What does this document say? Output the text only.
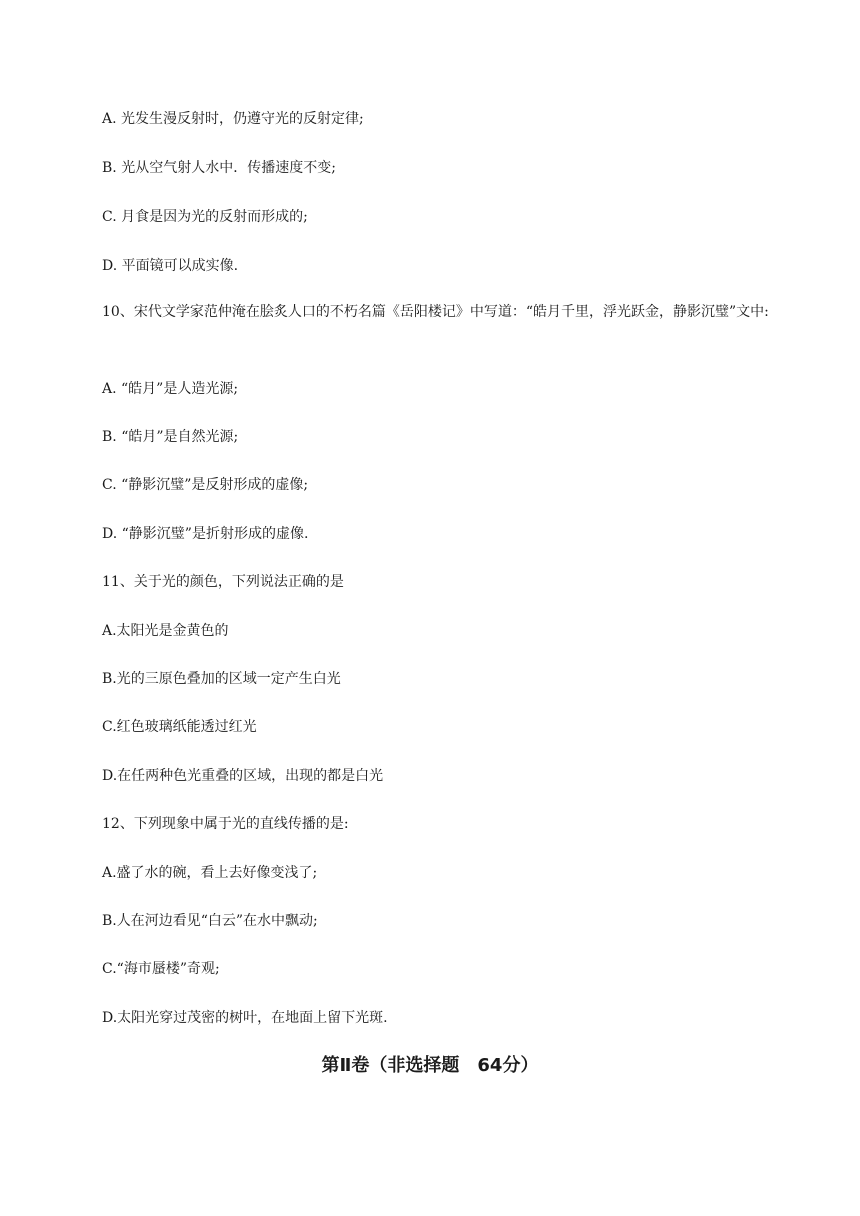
A. 光发生漫反射时，仍遵守光的反射定律;
B. 光从空气射人水中．传播速度不变;
C. 月食是因为光的反射而形成的;
D. 平面镜可以成实像.
10、宋代文学家范仲淹在脍炙人口的不朽名篇《岳阳楼记》中写道：“皓月千里，浮光跃金，静影沉璧”文中:
A. “皓月”是人造光源;
B. “皓月”是自然光源;
C. “静影沉璧”是反射形成的虚像;
D. “静影沉璧”是折射形成的虚像.
11、关于光的颜色，下列说法正确的是
A.太阳光是金黄色的
B.光的三原色叠加的区域一定产生白光
C.红色玻璃纸能透过红光
D.在任两种色光重叠的区域，出现的都是白光
12、下列现象中属于光的直线传播的是:
A.盛了水的碗，看上去好像变浅了;
B.人在河边看见“白云”在水中飘动;
C.“海市蜃楼”奇观;
D.太阳光穿过茂密的树叶，在地面上留下光斑.
第Ⅱ卷（非选择题　64分）
